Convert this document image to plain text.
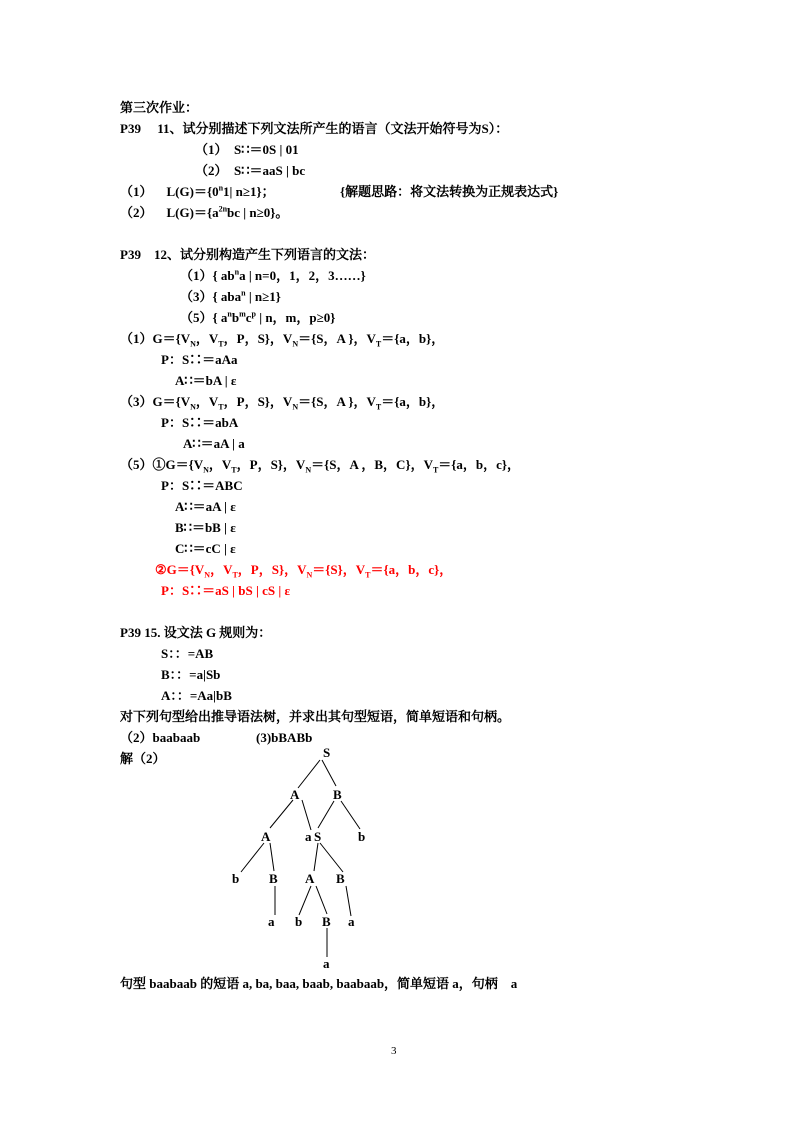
第三次作业：
P39　 11、试分别描述下列文法所产生的语言（文法开始符号为S）：
（1）　S∷＝0S | 01
（2）　S∷＝aaS | bc
（1） $L(G)=\{0^n1|$ n≥1}；	{解题思路：将文法转换为正规表达式}
（2） $L(G)=\{a^{2n}bc$ | n≥0}。
P39　12、试分别构造产生下列语言的文法：
（1）{ $ab^na$ | n=0，1，2，3……}
（3）{ aba$^n$ | n≥1}
（5）{ $a^nb^mc^p$ | n，m，p≥0}
$(1)G=\{V_N$，$V_T$，P，S}，$V_N=\{S$，A }，$V_T=\{a$，b}，
P：S∷＝aAa
A∷＝bA | ε
$(3)G=\{V_N$，$V_T$，P，S}，$V_N=\{S$，A }，$V_T=\{a$，b}，
P：S∷＝abA
A∷＝aA | a
$(5)①G=\{V_N$，$V_T$，P，S}，$V_N=\{S$，A ，B，C}，$V_T=\{a$，b，c}，
P：S∷＝ABC
A∷＝aA | ε
B∷＝bB | ε
C∷＝cC | ε
$②G=\{V_N$，$V_T$，P，S}，$V_N=\{S\}$，$V_T=\{a$，b，c}，
P：S∷＝aS | bS | cS | ε
P39 15. 设文法 G 规则为：
S：：=AB
B：：=a|Sb
A：：=Aa|bB
对下列句型给出推导语法树，并求出其句型短语，简单短语和句柄。
（2）baabaab	(3)bBABb
解（2）	S
A	B
A	a S	b
b B A B
a b B a
a
句型 baabaab 的短语 a, ba, baa, baab, baabaab，简单短语 a，句柄　a
3
